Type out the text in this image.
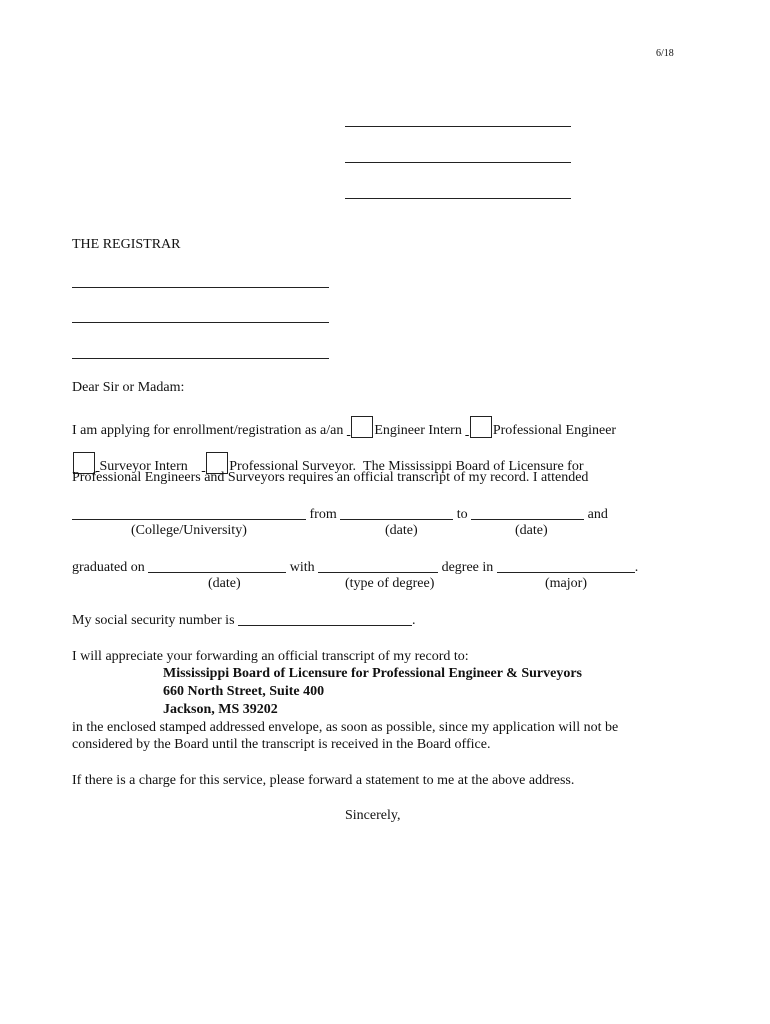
6/18
THE REGISTRAR
Dear Sir or Madam:
I am applying for enrollment/registration as a/an Engineer Intern Professional Engineer
Surveyor Intern	Professional Surveyor. The Mississippi Board of Licensure for
Professional Engineers and Surveyors requires an official transcript of my record. I attended
from	to	and
(College/University)	(date)	(date)
graduated on	with	degree in	.
(date)	(type of degree)	(major)
My social security number is	.
I will appreciate your forwarding an official transcript of my record to:
Mississippi Board of Licensure for Professional Engineer & Surveyors
660 North Street, Suite 400
Jackson, MS 39202
in the enclosed stamped addressed envelope, as soon as possible, since my application will not be
considered by the Board until the transcript is received in the Board office.
If there is a charge for this service, please forward a statement to me at the above address.
Sincerely,
